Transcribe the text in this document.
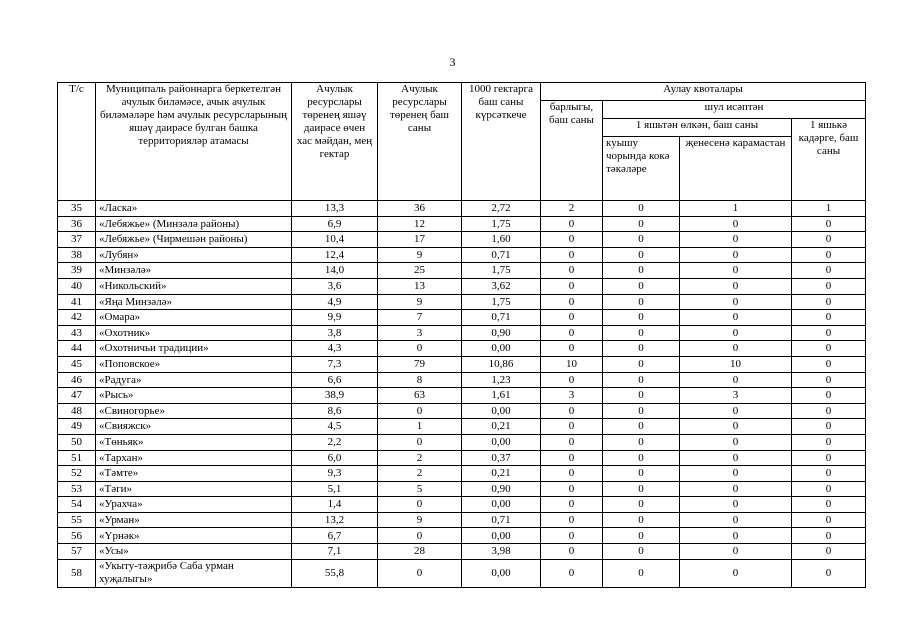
3
Т/с	Муниципаль районнарга беркетелгән ачулык биләмәсе, ачык ачулык биләмәләре һәм ачулык ресурсларының яшәү даирәсе булган башка территорияләр атамасы	Ачулык ресурслары төренең яшәү даирәсе өчен хас мәйдан, мең гектар	Ачулык ресурслары төренең баш саны	1000 гектарга баш саны күрсәткече	Аулау квоталары			
					барлыгы, баш саны	шул исәптән		
						1 яшьтән өлкән, баш саны		1 яшькә кадәрге, баш саны
						куышу чорында кокә тәкәләре	җенесенә карамастан	
35	«Ласка»	13,3	36	2,72	2	0	1	1
36	«Лебяжье» (Минзәлә районы)	6,9	12	1,75	0	0	0	0
37	«Лебяжье» (Чирмешән районы)	10,4	17	1,60	0	0	0	0
38	«Лубян»	12,4	9	0,71	0	0	0	0
39	«Минзәлә»	14,0	25	1,75	0	0	0	0
40	«Никольский»	3,6	13	3,62	0	0	0	0
41	«Яңа Минзәлә»	4,9	9	1,75	0	0	0	0
42	«Омара»	9,9	7	0,71	0	0	0	0
43	«Охотник»	3,8	3	0,90	0	0	0	0
44	«Охотничьи традиции»	4,3	0	0,00	0	0	0	0
45	«Поповское»	7,3	79	10,86	10	0	10	0
46	«Радуга»	6,6	8	1,23	0	0	0	0
47	«Рысь»	38,9	63	1,61	3	0	3	0
48	«Свиногорье»	8,6	0	0,00	0	0	0	0
49	«Свияжск»	4,5	1	0,21	0	0	0	0
50	«Төньяк»	2,2	0	0,00	0	0	0	0
51	«Тархан»	6,0	2	0,37	0	0	0	0
52	«Тәмте»	9,3	2	0,21	0	0	0	0
53	«Тәги»	5,1	5	0,90	0	0	0	0
54	«Урахча»	1,4	0	0,00	0	0	0	0
55	«Урман»	13,2	9	0,71	0	0	0	0
56	«Үрнәк»	6,7	0	0,00	0	0	0	0
57	«Усы»	7,1	28	3,98	0	0	0	0
58	«Укыту-тәҗрибә Саба урман хуҗалыгы»	55,8	0	0,00	0	0	0	0
